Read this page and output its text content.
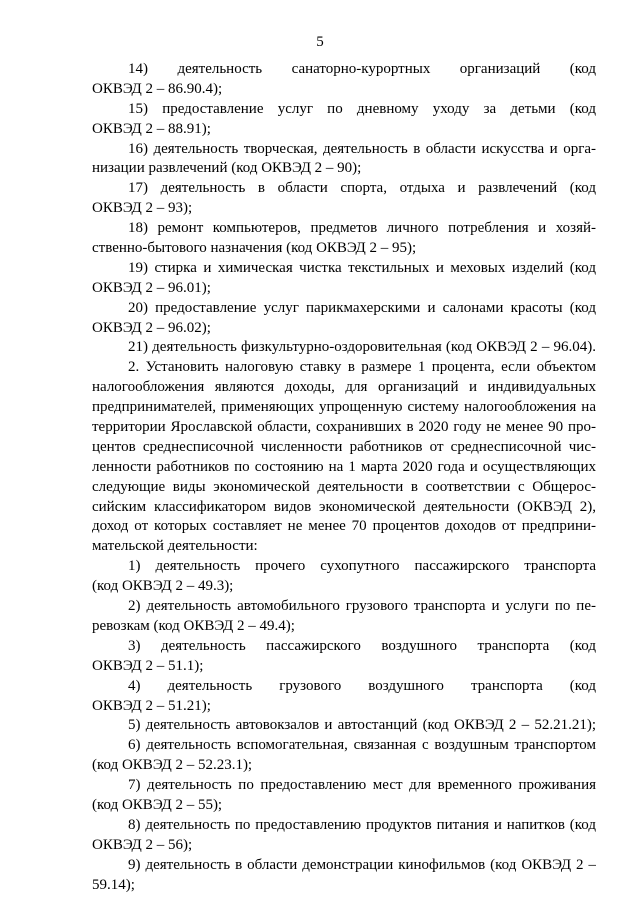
5
14) деятельность санаторно-курортных организаций (код
ОКВЭД 2 – 86.90.4);
15) предоставление услуг по дневному уходу за детьми (код
ОКВЭД 2 – 88.91);
16) деятельность творческая, деятельность в области искусства и орга-
низации развлечений (код ОКВЭД 2 – 90);
17) деятельность в области спорта, отдыха и развлечений (код
ОКВЭД 2 – 93);
18) ремонт компьютеров, предметов личного потребления и хозяй-
ственно-бытового назначения (код ОКВЭД 2 – 95);
19) стирка и химическая чистка текстильных и меховых изделий (код
ОКВЭД 2 – 96.01);
20) предоставление услуг парикмахерскими и салонами красоты (код
ОКВЭД 2 – 96.02);
21) деятельность физкультурно-оздоровительная (код ОКВЭД 2 – 96.04).
2. Установить налоговую ставку в размере 1 процента, если объектом
налогообложения являются доходы, для организаций и индивидуальных
предпринимателей, применяющих упрощенную систему налогообложения на
территории Ярославской области, сохранивших в 2020 году не менее 90 про-
центов среднесписочной численности работников от среднесписочной чис-
ленности работников по состоянию на 1 марта 2020 года и осуществляющих
следующие виды экономической деятельности в соответствии с Общерос-
сийским классификатором видов экономической деятельности (ОКВЭД 2),
доход от которых составляет не менее 70 процентов доходов от предприни-
мательской деятельности:
1) деятельность прочего сухопутного пассажирского транспорта
(код ОКВЭД 2 – 49.3);
2) деятельность автомобильного грузового транспорта и услуги по пе-
ревозкам (код ОКВЭД 2 – 49.4);
3) деятельность пассажирского воздушного транспорта (код
ОКВЭД 2 – 51.1);
4) деятельность грузового воздушного транспорта (код
ОКВЭД 2 – 51.21);
5) деятельность автовокзалов и автостанций (код ОКВЭД 2 – 52.21.21);
6) деятельность вспомогательная, связанная с воздушным транспортом
(код ОКВЭД 2 – 52.23.1);
7) деятельность по предоставлению мест для временного проживания
(код ОКВЭД 2 – 55);
8) деятельность по предоставлению продуктов питания и напитков (код
ОКВЭД 2 – 56);
9) деятельность в области демонстрации кинофильмов (код ОКВЭД 2 –
59.14);
